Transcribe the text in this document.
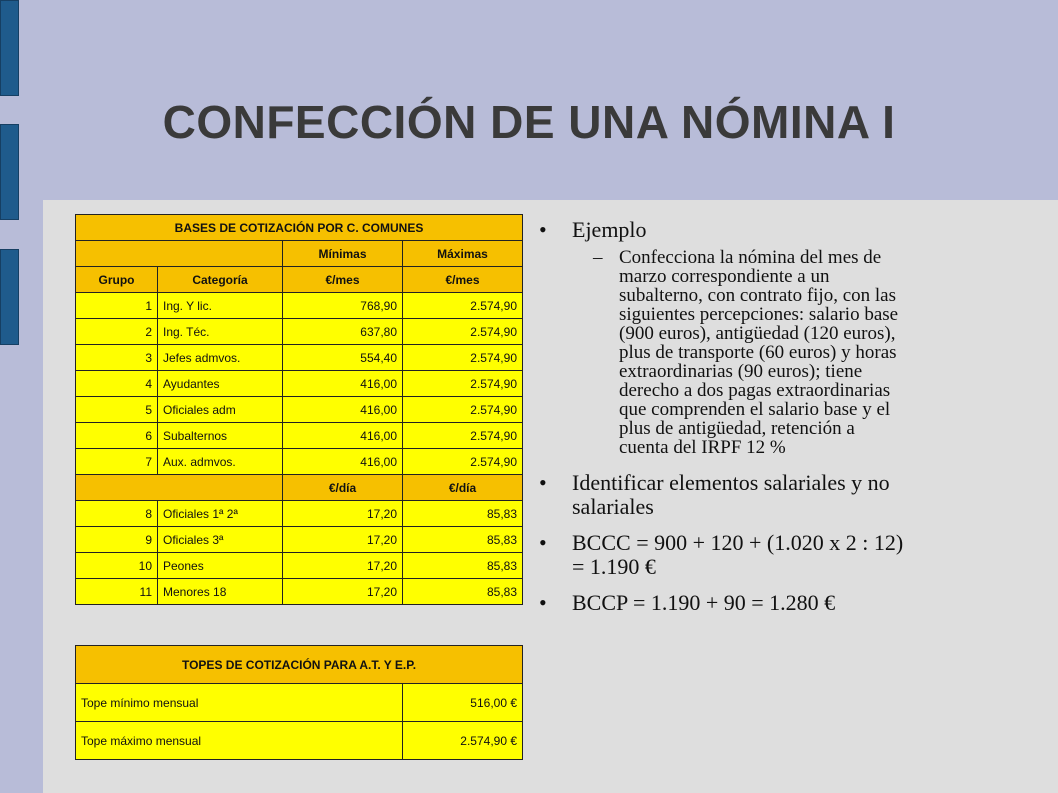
CONFECCIÓN DE UNA NÓMINA I
BASES DE COTIZACIÓN POR C. COMUNES			
		Mínimas	Máximas
Grupo	Categoría	€/mes	€/mes
1	Ing. Y lic.	768,90	2.574,90
2	Ing. Téc.	637,80	2.574,90
3	Jefes admvos.	554,40	2.574,90
4	Ayudantes	416,00	2.574,90
5	Oficiales adm	416,00	2.574,90
6	Subalternos	416,00	2.574,90
7	Aux. admvos.	416,00	2.574,90
		€/día	€/día
8	Oficiales 1ª 2ª	17,20	85,83
9	Oficiales 3ª	17,20	85,83
10	Peones	17,20	85,83
11	Menores 18	17,20	85,83
TOPES DE COTIZACIÓN PARA A.T. Y E.P.	
Tope mínimo mensual	516,00 €
Tope máximo mensual	2.574,90 €
• Ejemplo
– Confecciona la nómina del mes de
marzo correspondiente a un
subalterno, con contrato fijo, con las
siguientes percepciones: salario base
(900 euros), antigüedad (120 euros),
plus de transporte (60 euros) y horas
extraordinarias (90 euros); tiene
derecho a dos pagas extraordinarias
que comprenden el salario base y el
plus de antigüedad, retención a
cuenta del IRPF 12 %
• Identificar elementos salariales y no
salariales
• BCCC = 900 + 120 + (1.020 x 2 : 12)
= 1.190 €
• BCCP = 1.190 + 90 = 1.280 €
